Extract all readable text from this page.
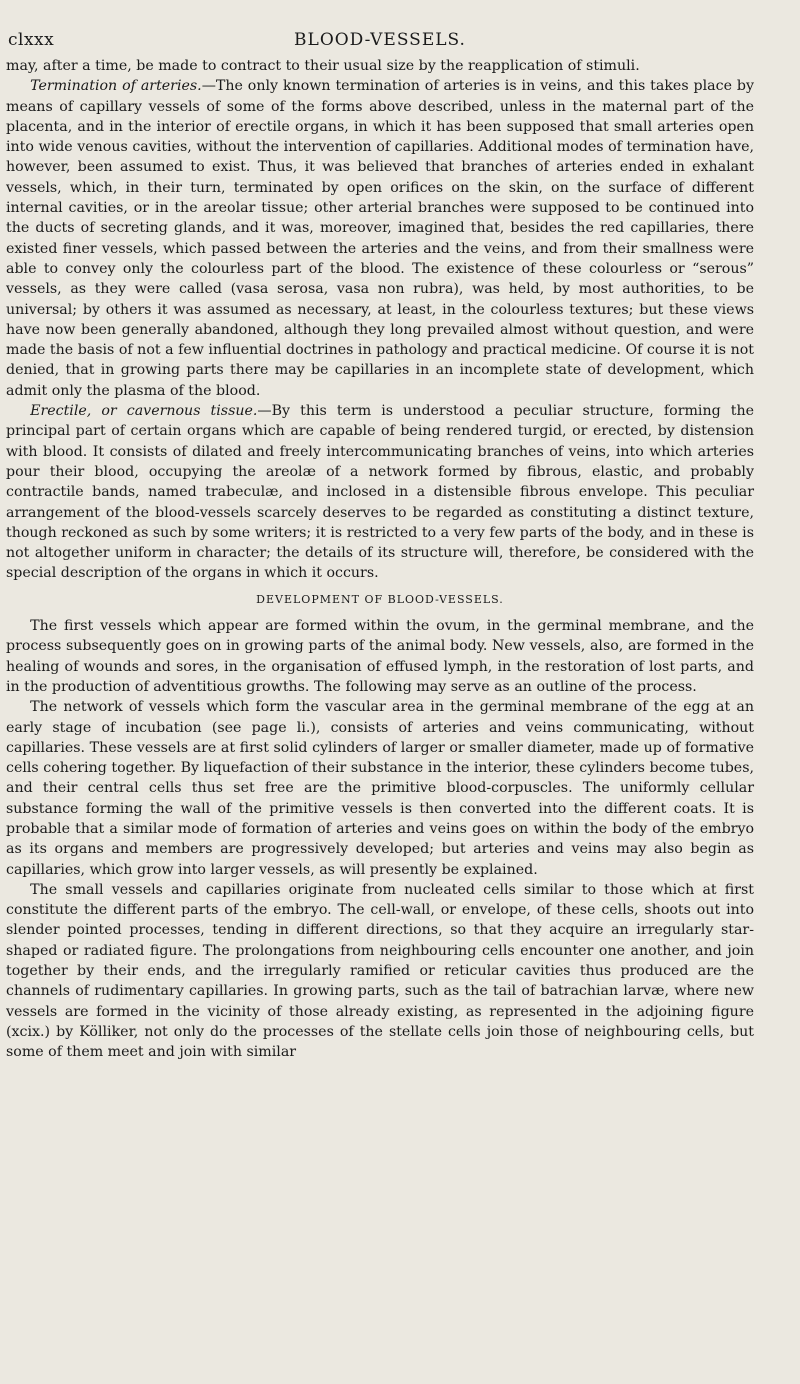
clxxx	BLOOD-VESSELS.

may, after a time, be made to contract to their usual size by the reapplication of stimuli.

Termination of arteries.—The only known termination of arteries is in veins, and this takes place by means of capillary vessels of some of the forms above described, unless in the maternal part of the placenta, and in the interior of erectile organs, in which it has been supposed that small arteries open into wide venous cavities, without the intervention of capillaries. Additional modes of termination have, however, been assumed to exist. Thus, it was believed that branches of arteries ended in exhalant vessels, which, in their turn, terminated by open orifices on the skin, on the surface of different internal cavities, or in the areolar tissue; other arterial branches were supposed to be continued into the ducts of secreting glands, and it was, moreover, imagined that, besides the red capillaries, there existed finer vessels, which passed between the arteries and the veins, and from their smallness were able to convey only the colourless part of the blood. The existence of these colourless or “serous” vessels, as they were called (vasa serosa, vasa non rubra), was held, by most authorities, to be universal; by others it was assumed as necessary, at least, in the colourless textures; but these views have now been generally abandoned, although they long prevailed almost without question, and were made the basis of not a few influential doctrines in pathology and practical medicine. Of course it is not denied, that in growing parts there may be capillaries in an incomplete state of development, which admit only the plasma of the blood.

Erectile, or cavernous tissue.—By this term is understood a peculiar structure, forming the principal part of certain organs which are capable of being rendered turgid, or erected, by distension with blood. It consists of dilated and freely intercommunicating branches of veins, into which arteries pour their blood, occupying the areolæ of a network formed by fibrous, elastic, and probably contractile bands, named trabeculæ, and inclosed in a distensible fibrous envelope. This peculiar arrangement of the blood-vessels scarcely deserves to be regarded as constituting a distinct texture, though reckoned as such by some writers; it is restricted to a very few parts of the body, and in these is not altogether uniform in character; the details of its structure will, therefore, be considered with the special description of the organs in which it occurs.

DEVELOPMENT OF BLOOD-VESSELS.

The first vessels which appear are formed within the ovum, in the germinal membrane, and the process subsequently goes on in growing parts of the animal body. New vessels, also, are formed in the healing of wounds and sores, in the organisation of effused lymph, in the restoration of lost parts, and in the production of adventitious growths. The following may serve as an outline of the process.

The network of vessels which form the vascular area in the germinal membrane of the egg at an early stage of incubation (see page li.), consists of arteries and veins communicating, without capillaries. These vessels are at first solid cylinders of larger or smaller diameter, made up of formative cells cohering together. By liquefaction of their substance in the interior, these cylinders become tubes, and their central cells thus set free are the primitive blood-corpuscles. The uniformly cellular substance forming the wall of the primitive vessels is then converted into the different coats. It is probable that a similar mode of formation of arteries and veins goes on within the body of the embryo as its organs and members are progressively developed; but arteries and veins may also begin as capillaries, which grow into larger vessels, as will presently be explained.

The small vessels and capillaries originate from nucleated cells similar to those which at first constitute the different parts of the embryo. The cell-wall, or envelope, of these cells, shoots out into slender pointed processes, tending in different directions, so that they acquire an irregularly star-shaped or radiated figure. The prolongations from neighbouring cells encounter one another, and join together by their ends, and the irregularly ramified or reticular cavities thus produced are the channels of rudimentary capillaries. In growing parts, such as the tail of batrachian larvæ, where new vessels are formed in the vicinity of those already existing, as represented in the adjoining figure (xcix.) by Kölliker, not only do the processes of the stellate cells join those of neighbouring cells, but some of them meet and join with similar
